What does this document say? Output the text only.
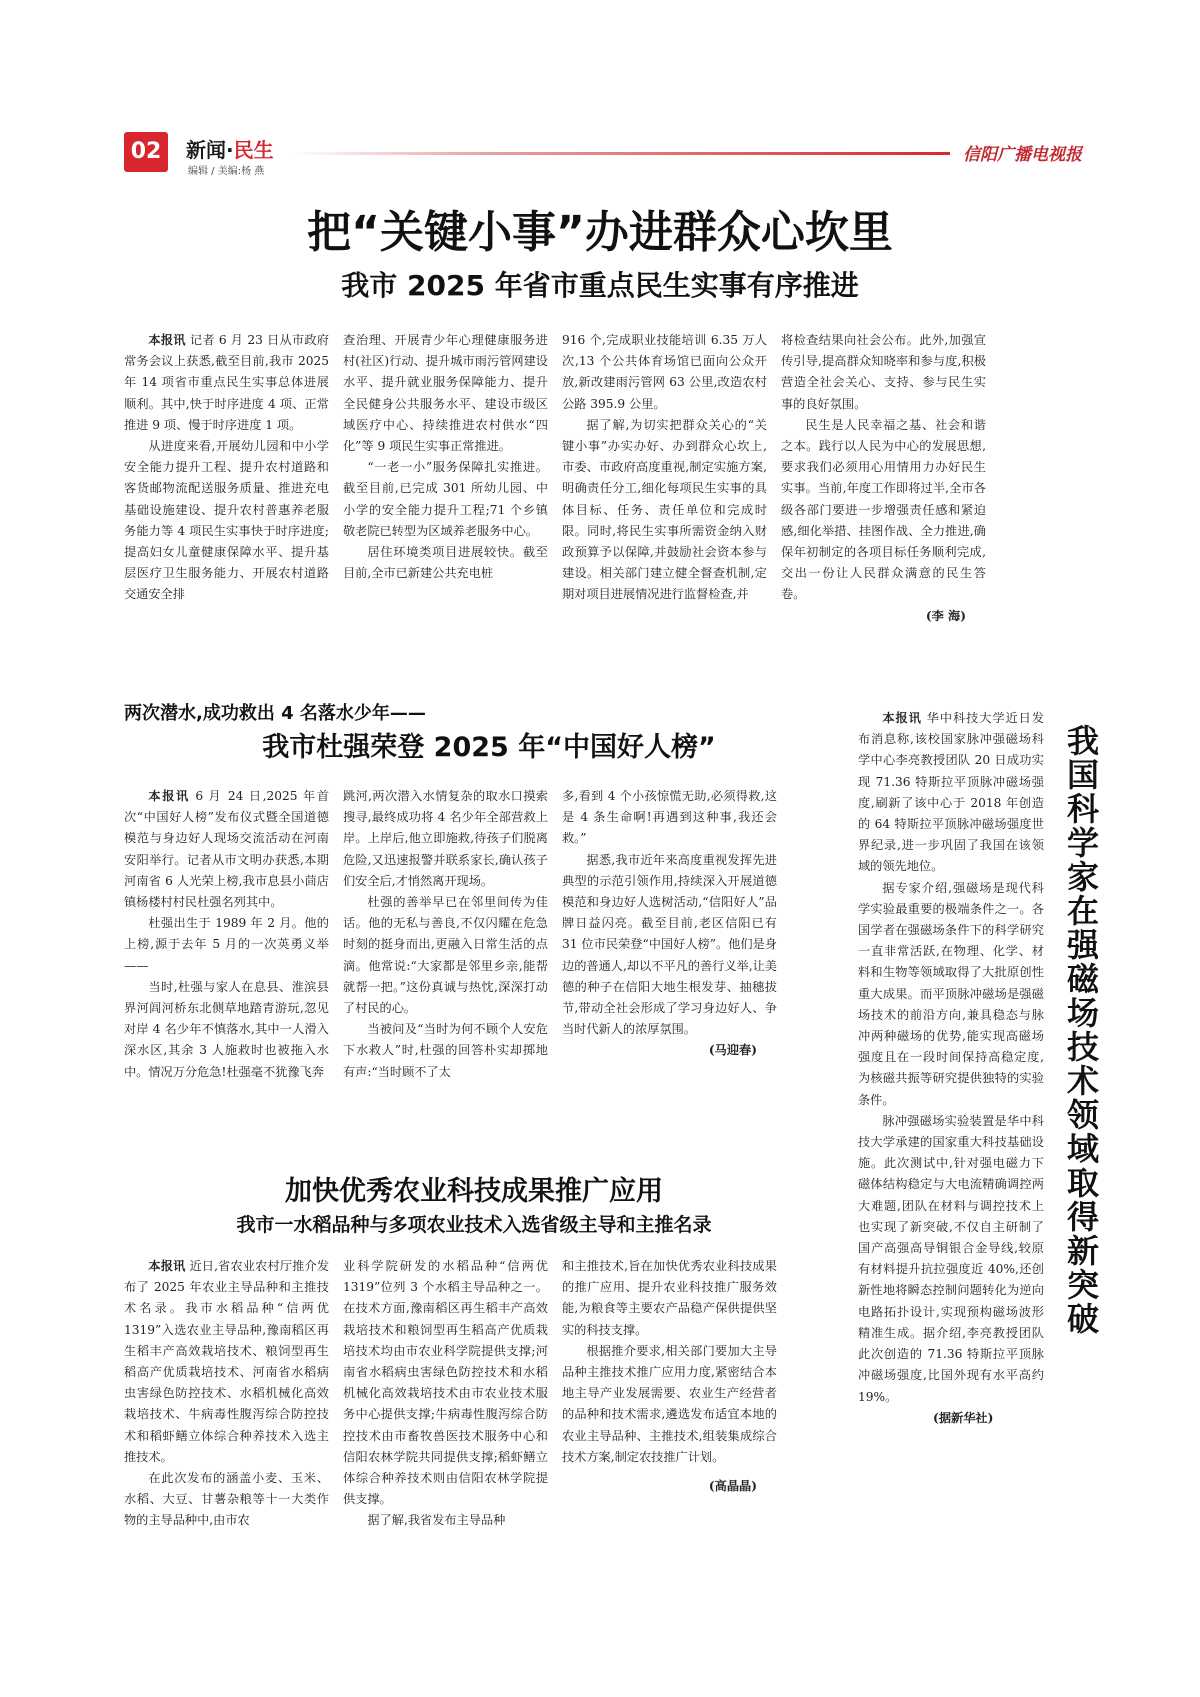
02	新闻·民生
编辑 / 美编:杨 燕
信阳广播电视报
把“关键小事”办进群众心坎里
我市 2025 年省市重点民生实事有序推进

本报讯 记者 6 月 23 日从市政府常务会议上获悉,截至目前,我市 2025 年 14 项省市重点民生实事总体进展顺利。其中,快于时序进度 4 项、正常推进 9 项、慢于时序进度 1 项。

从进度来看,开展幼儿园和中小学安全能力提升工程、提升农村道路和客货邮物流配送服务质量、推进充电基础设施建设、提升农村普惠养老服务能力等 4 项民生实事快于时序进度;提高妇女儿童健康保障水平、提升基层医疗卫生服务能力、开展农村道路交通安全排

查治理、开展青少年心理健康服务进村(社区)行动、提升城市雨污管网建设水平、提升就业服务保障能力、提升全民健身公共服务水平、建设市级区域医疗中心、持续推进农村供水“四化”等 9 项民生实事正常推进。

“一老一小”服务保障扎实推进。截至目前,已完成 301 所幼儿园、中小学的安全能力提升工程;71 个乡镇敬老院已转型为区域养老服务中心。

居住环境类项目进展较快。截至目前,全市已新建公共充电桩

916 个,完成职业技能培训 6.35 万人次,13 个公共体育场馆已面向公众开放,新改建雨污管网 63 公里,改造农村公路 395.9 公里。

据了解,为切实把群众关心的“关键小事”办实办好、办到群众心坎上,市委、市政府高度重视,制定实施方案,明确责任分工,细化每项民生实事的具体目标、任务、责任单位和完成时限。同时,将民生实事所需资金纳入财政预算予以保障,并鼓励社会资本参与建设。相关部门建立健全督查机制,定期对项目进展情况进行监督检查,并

将检查结果向社会公布。此外,加强宣传引导,提高群众知晓率和参与度,积极营造全社会关心、支持、参与民生实事的良好氛围。

民生是人民幸福之基、社会和谐之本。践行以人民为中心的发展思想,要求我们必须用心用情用力办好民生实事。当前,年度工作即将过半,全市各级各部门要进一步增强责任感和紧迫感,细化举措、挂图作战、全力推进,确保年初制定的各项目标任务顺利完成,交出一份让人民群众满意的民生答卷。

(李 海)

两次潜水,成功救出 4 名落水少年——
我市杜强荣登 2025 年“中国好人榜”

本报讯 6 月 24 日,2025 年首次“中国好人榜”发布仪式暨全国道德模范与身边好人现场交流活动在河南安阳举行。记者从市文明办获悉,本期河南省 6 人光荣上榜,我市息县小茴店镇杨楼村村民杜强名列其中。

杜强出生于 1989 年 2 月。他的上榜,源于去年 5 月的一次英勇义举——

当时,杜强与家人在息县、淮滨县界河闾河桥东北侧草地踏青游玩,忽见对岸 4 名少年不慎落水,其中一人滑入深水区,其余 3 人施救时也被拖入水中。情况万分危急!杜强毫不犹豫飞奔

跳河,两次潜入水情复杂的取水口摸索搜寻,最终成功将 4 名少年全部营救上岸。上岸后,他立即施救,待孩子们脱离危险,又迅速报警并联系家长,确认孩子们安全后,才悄然离开现场。

杜强的善举早已在邻里间传为佳话。他的无私与善良,不仅闪耀在危急时刻的挺身而出,更融入日常生活的点滴。他常说:“大家都是邻里乡亲,能帮就帮一把。”这份真诚与热忱,深深打动了村民的心。

当被问及“当时为何不顾个人安危下水救人”时,杜强的回答朴实却掷地有声:“当时顾不了太

多,看到 4 个小孩惊慌无助,必须得救,这是 4 条生命啊!再遇到这种事,我还会救。”

据悉,我市近年来高度重视发挥先进典型的示范引领作用,持续深入开展道德模范和身边好人选树活动,“信阳好人”品牌日益闪亮。截至目前,老区信阳已有 31 位市民荣登“中国好人榜”。他们是身边的普通人,却以不平凡的善行义举,让美德的种子在信阳大地生根发芽、抽穗拔节,带动全社会形成了学习身边好人、争当时代新人的浓厚氛围。

(马迎春)

加快优秀农业科技成果推广应用
我市一水稻品种与多项农业技术入选省级主导和主推名录

本报讯 近日,省农业农村厅推介发布了 2025 年农业主导品种和主推技术名录。我市水稻品种“信两优 1319”入选农业主导品种,豫南稻区再生稻丰产高效栽培技术、粮饲型再生稻高产优质栽培技术、河南省水稻病虫害绿色防控技术、水稻机械化高效栽培技术、牛病毒性腹泻综合防控技术和稻虾鳝立体综合种养技术入选主推技术。

在此次发布的涵盖小麦、玉米、水稻、大豆、甘薯杂粮等十一大类作物的主导品种中,由市农

业科学院研发的水稻品种“信两优 1319”位列 3 个水稻主导品种之一。在技术方面,豫南稻区再生稻丰产高效栽培技术和粮饲型再生稻高产优质栽培技术均由市农业科学院提供支撑;河南省水稻病虫害绿色防控技术和水稻机械化高效栽培技术由市农业技术服务中心提供支撑;牛病毒性腹泻综合防控技术由市畜牧兽医技术服务中心和信阳农林学院共同提供支撑;稻虾鳝立体综合种养技术则由信阳农林学院提供支撑。

据了解,我省发布主导品种

和主推技术,旨在加快优秀农业科技成果的推广应用、提升农业科技推广服务效能,为粮食等主要农产品稳产保供提供坚实的科技支撑。

根据推介要求,相关部门要加大主导品种主推技术推广应用力度,紧密结合本地主导产业发展需要、农业生产经营者的品种和技术需求,遴选发布适宜本地的农业主导品种、主推技术,组装集成综合技术方案,制定农技推广计划。

(高晶晶)

我国科学家在强磁场技术领域取得新突破

本报讯 华中科技大学近日发布消息称,该校国家脉冲强磁场科学中心李亮教授团队 20 日成功实现 71.36 特斯拉平顶脉冲磁场强度,刷新了该中心于 2018 年创造的 64 特斯拉平顶脉冲磁场强度世界纪录,进一步巩固了我国在该领域的领先地位。

据专家介绍,强磁场是现代科学实验最重要的极端条件之一。各国学者在强磁场条件下的科学研究一直非常活跃,在物理、化学、材料和生物等领域取得了大批原创性重大成果。而平顶脉冲磁场是强磁场技术的前沿方向,兼具稳态与脉冲两种磁场的优势,能实现高磁场强度且在一段时间保持高稳定度,为核磁共振等研究提供独特的实验条件。

脉冲强磁场实验装置是华中科技大学承建的国家重大科技基础设施。此次测试中,针对强电磁力下磁体结构稳定与大电流精确调控两大难题,团队在材料与调控技术上也实现了新突破,不仅自主研制了国产高强高导铜银合金导线,较原有材料提升抗拉强度近 40%,还创新性地将瞬态控制问题转化为逆向电路拓扑设计,实现预构磁场波形精准生成。据介绍,李亮教授团队此次创造的 71.36 特斯拉平顶脉冲磁场强度,比国外现有水平高约 19%。

(据新华社)
